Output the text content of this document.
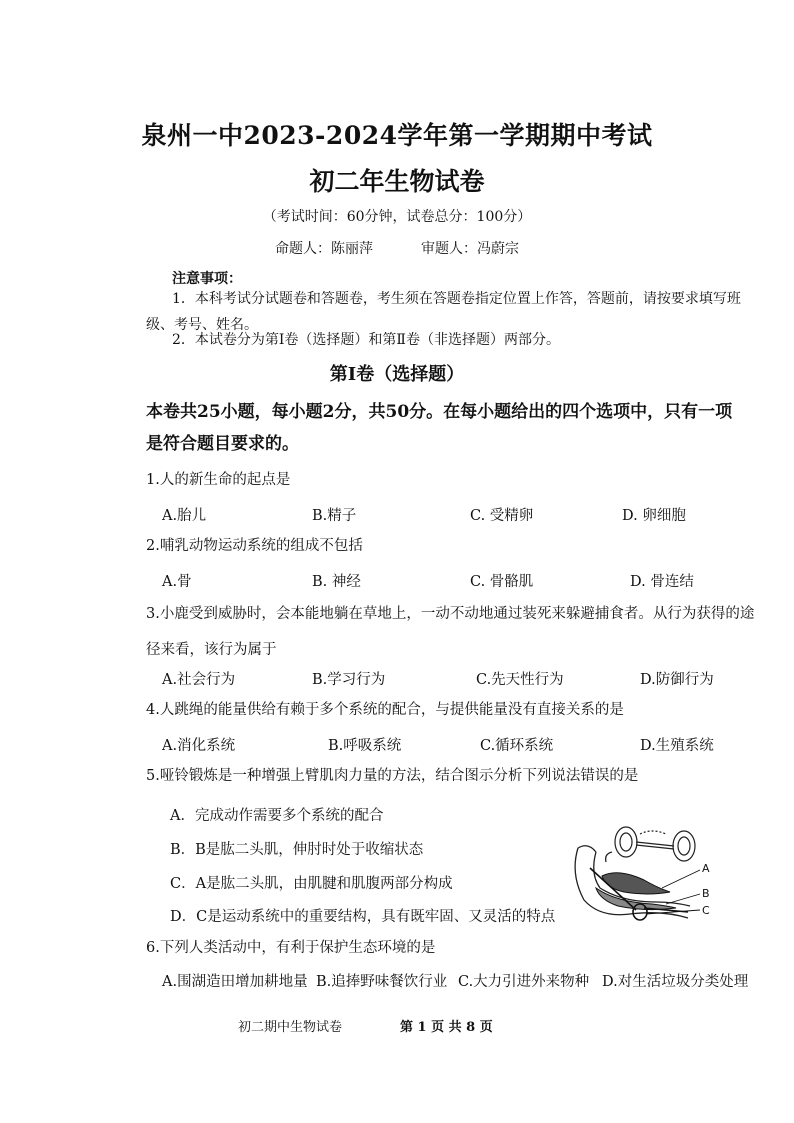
泉州一中2023-2024学年第一学期期中考试
初二年生物试卷
（考试时间：60分钟，试卷总分：100分）
命题人：陈丽萍	审题人：冯蔚宗
注意事项：
1．本科考试分试题卷和答题卷，考生须在答题卷指定位置上作答，答题前，请按要求填写班级、考号、姓名。
2．本试卷分为第Ⅰ卷（选择题）和第Ⅱ卷（非选择题）两部分。
第Ⅰ卷（选择题）
本卷共25小题，每小题2分，共50分。在每小题给出的四个选项中，只有一项是符合题目要求的。
1.人的新生命的起点是
A.胎儿	B.精子	C. 受精卵	D. 卵细胞
2.哺乳动物运动系统的组成不包括
A.骨	B. 神经	C. 骨骼肌	D. 骨连结
3.小鹿受到威胁时，会本能地躺在草地上，一动不动地通过装死来躲避捕食者。从行为获得的途径来看，该行为属于
A.社会行为	B.学习行为	C.先天性行为	D.防御行为
4.人跳绳的能量供给有赖于多个系统的配合，与提供能量没有直接关系的是
A.消化系统	B.呼吸系统	C.循环系统	D.生殖系统
5.哑铃锻炼是一种增强上臂肌肉力量的方法，结合图示分析下列说法错误的是
A．完成动作需要多个系统的配合
B．B是肱二头肌，伸肘时处于收缩状态
C．A是肱二头肌，由肌腱和肌腹两部分构成
D．C是运动系统中的重要结构，具有既牢固、又灵活的特点
A
B
C
6.下列人类活动中，有利于保护生态环境的是
A.围湖造田增加耕地量 B.追捧野味餐饮行业 C.大力引进外来物种 D.对生活垃圾分类处理
初二期中生物试卷	第 1 页 共 8 页
